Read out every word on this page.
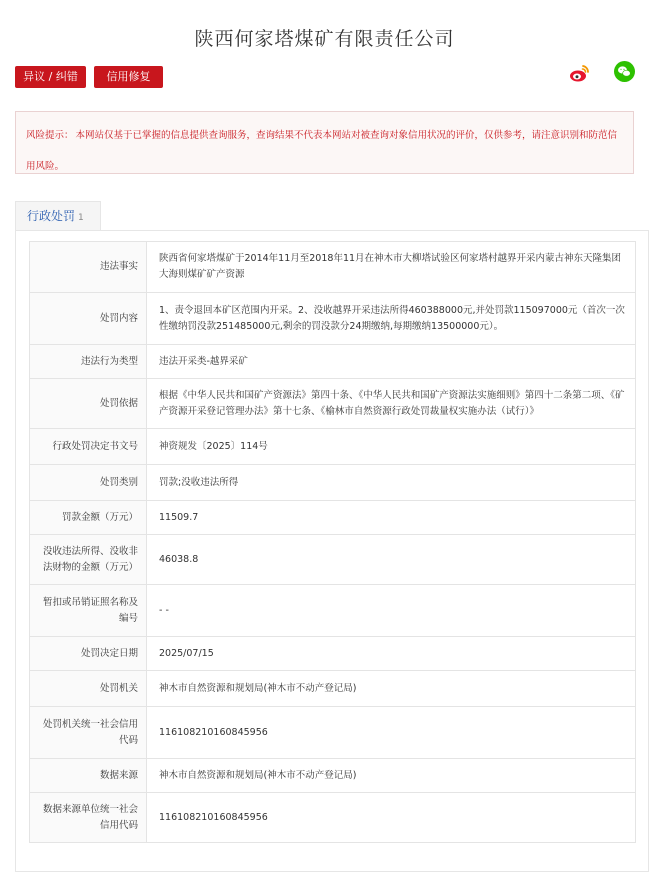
陕西何家塔煤矿有限责任公司
异议 / 纠错	信用修复
风险提示： 本网站仅基于已掌握的信息提供查询服务，查询结果不代表本网站对被查询对象信用状况的评价，仅供参考，请注意识别和防范信用风险。
行政处罚 1
违法事实	陕西省何家塔煤矿于2014年11月至2018年11月在神木市大柳塔试验区何家塔村越界开采内蒙古神东天隆集团大海则煤矿矿产资源
处罚内容	1、责令退回本矿区范围内开采。2、没收越界开采违法所得460388000元,并处罚款115097000元（首次一次性缴纳罚没款251485000元,剩余的罚没款分24期缴纳,每期缴纳13500000元）。
违法行为类型	违法开采类-越界采矿
处罚依据	根据《中华人民共和国矿产资源法》第四十条、《中华人民共和国矿产资源法实施细则》第四十二条第二项、《矿产资源开采登记管理办法》第十七条、《榆林市自然资源行政处罚裁量权实施办法（试行）》
行政处罚决定书文号	神资规发〔2025〕114号
处罚类别	罚款;没收违法所得
罚款金额（万元）	11509.7
没收违法所得、没收非法财物的金额（万元）	46038.8
暂扣或吊销证照名称及编号	- -
处罚决定日期	2025/07/15
处罚机关	神木市自然资源和规划局(神木市不动产登记局)
处罚机关统一社会信用代码	11610821016084595​6
数据来源	神木市自然资源和规划局(神木市不动产登记局)
数据来源单位统一社会信用代码	11610821016084595​6
